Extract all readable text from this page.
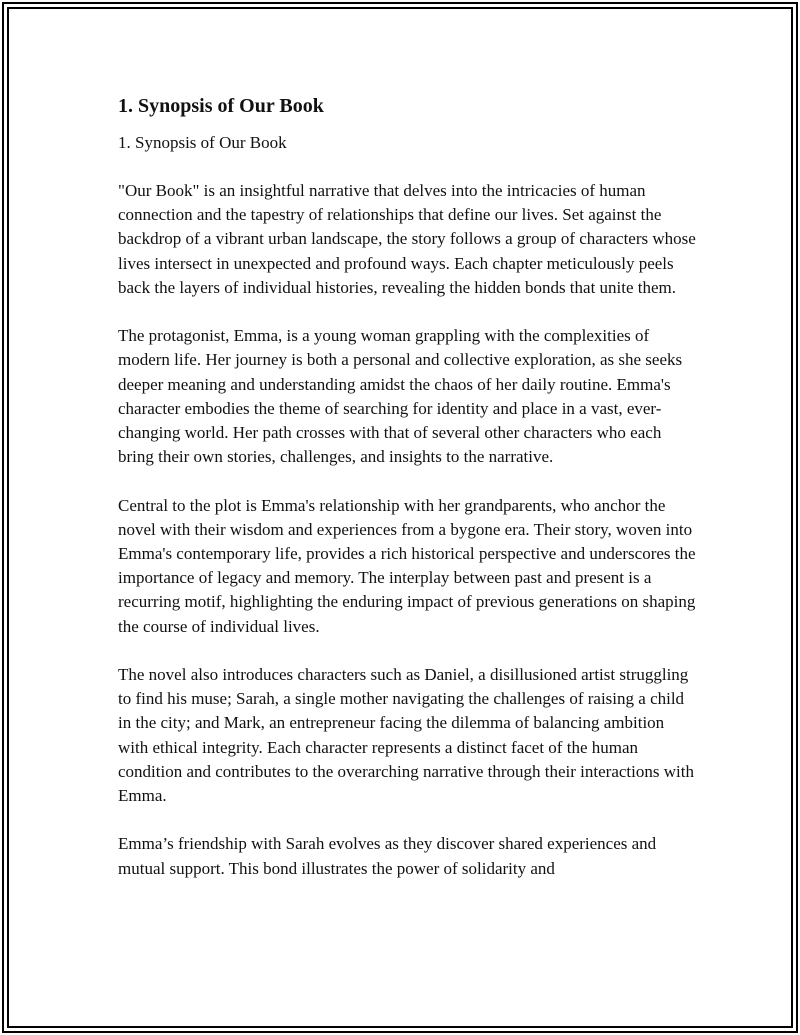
1. Synopsis of Our Book
1. Synopsis of Our Book

"Our Book" is an insightful narrative that delves into the intricacies of human connection and the tapestry of relationships that define our lives. Set against the backdrop of a vibrant urban landscape, the story follows a group of characters whose lives intersect in unexpected and profound ways. Each chapter meticulously peels back the layers of individual histories, revealing the hidden bonds that unite them.

The protagonist, Emma, is a young woman grappling with the complexities of modern life. Her journey is both a personal and collective exploration, as she seeks deeper meaning and understanding amidst the chaos of her daily routine. Emma's character embodies the theme of searching for identity and place in a vast, ever-changing world. Her path crosses with that of several other characters who each bring their own stories, challenges, and insights to the narrative.

Central to the plot is Emma's relationship with her grandparents, who anchor the novel with their wisdom and experiences from a bygone era. Their story, woven into Emma's contemporary life, provides a rich historical perspective and underscores the importance of legacy and memory. The interplay between past and present is a recurring motif, highlighting the enduring impact of previous generations on shaping the course of individual lives.

The novel also introduces characters such as Daniel, a disillusioned artist struggling to find his muse; Sarah, a single mother navigating the challenges of raising a child in the city; and Mark, an entrepreneur facing the dilemma of balancing ambition with ethical integrity. Each character represents a distinct facet of the human condition and contributes to the overarching narrative through their interactions with Emma.

Emma’s friendship with Sarah evolves as they discover shared experiences and mutual support. This bond illustrates the power of solidarity and
